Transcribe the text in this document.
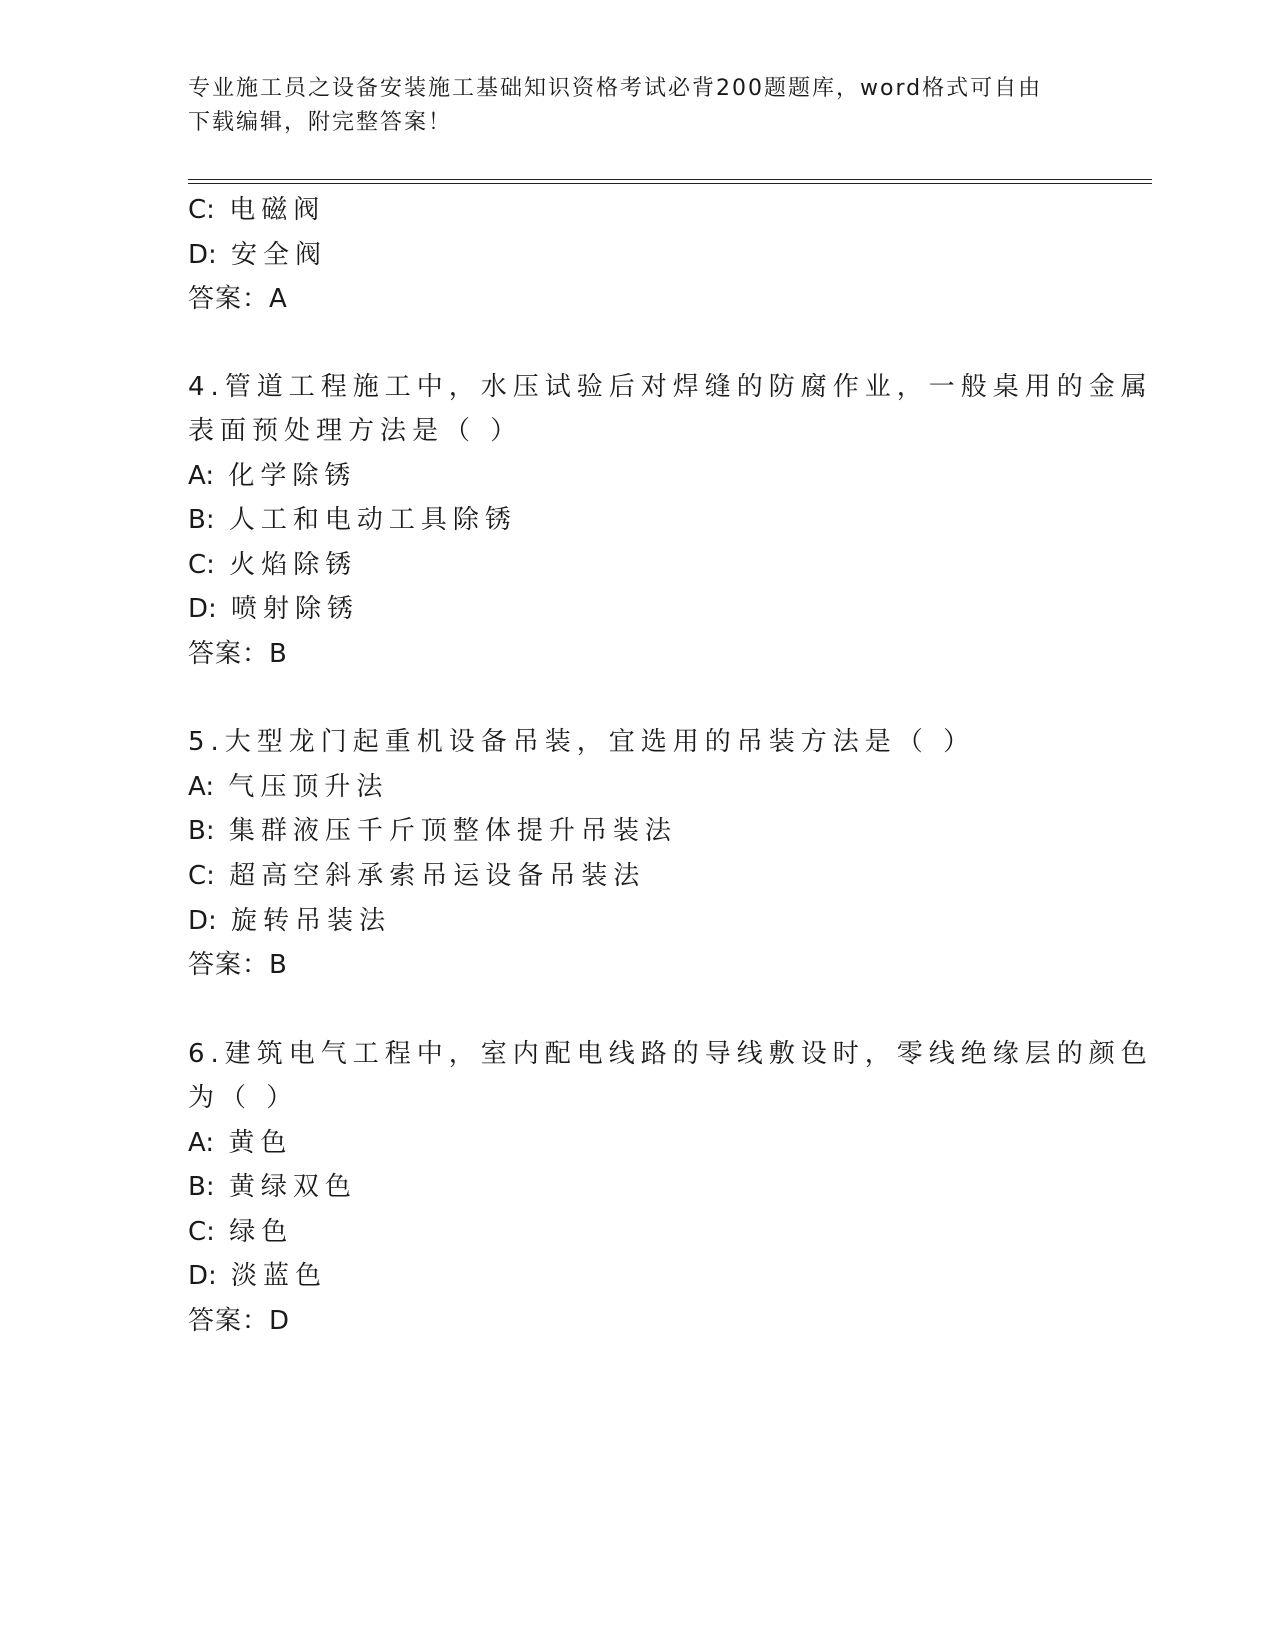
专业施工员之设备安装施工基础知识资格考试必背200题题库，word格式可自由
下载编辑，附完整答案！
C: 电磁阀
D: 安全阀
答案：A
4.管道工程施工中，水压试验后对焊缝的防腐作业，一般桌用的金属
表面预处理方法是（ ）
A: 化学除锈
B: 人工和电动工具除锈
C: 火焰除锈
D: 喷射除锈
答案：B
5.大型龙门起重机设备吊装，宜选用的吊装方法是（ ）
A: 气压顶升法
B: 集群液压千斤顶整体提升吊装法
C: 超高空斜承索吊运设备吊装法
D: 旋转吊装法
答案：B
6.建筑电气工程中，室内配电线路的导线敷设时，零线绝缘层的颜色
为（ ）
A: 黄色
B: 黄绿双色
C: 绿色
D: 淡蓝色
答案：D
